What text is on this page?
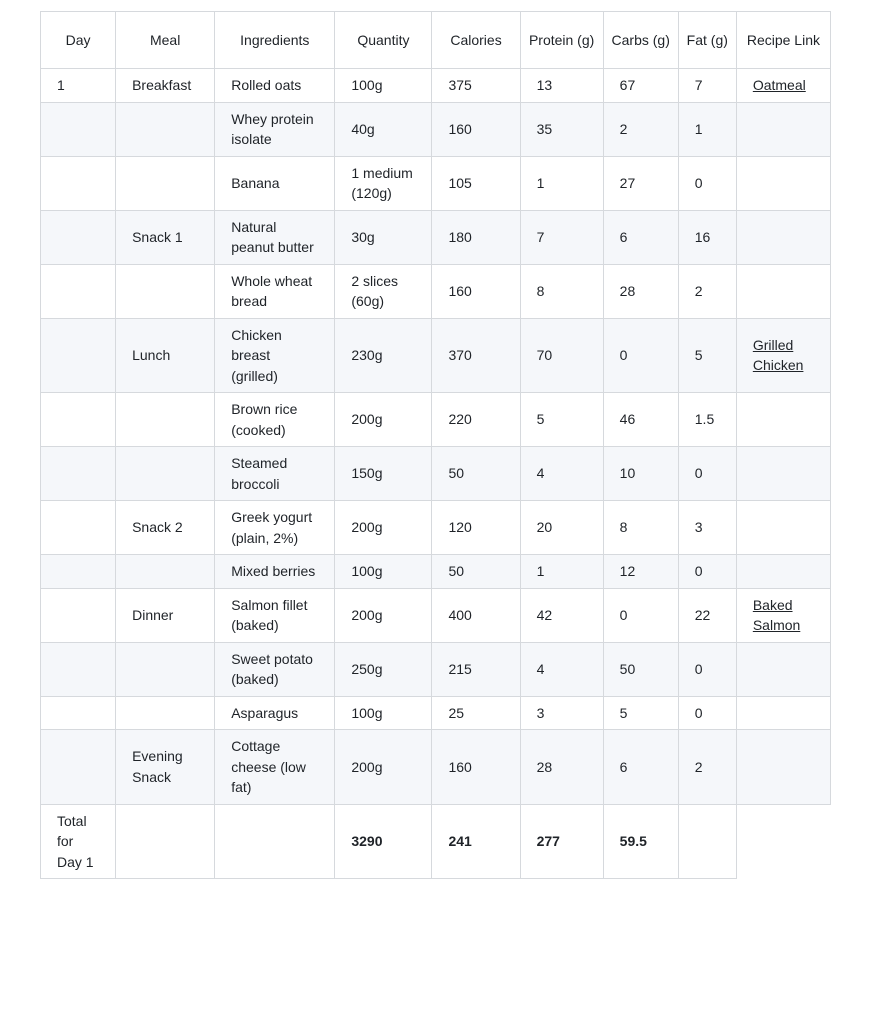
Day	Meal	Ingredients	Quantity	Calories	Protein (g)	Carbs (g)	Fat (g)	Recipe Link
1	Breakfast	Rolled oats	100g	375	13	67	7	Oatmeal
		Whey protein isolate	40g	160	35	2	1	
		Banana	1 medium (120g)	105	1	27	0	
	Snack 1	Natural peanut butter	30g	180	7	6	16	
		Whole wheat bread	2 slices (60g)	160	8	28	2	
	Lunch	Chicken breast (grilled)	230g	370	70	0	5	Grilled Chicken
		Brown rice (cooked)	200g	220	5	46	1.5	
		Steamed broccoli	150g	50	4	10	0	
	Snack 2	Greek yogurt (plain, 2%)	200g	120	20	8	3	
		Mixed berries	100g	50	1	12	0	
	Dinner	Salmon fillet (baked)	200g	400	42	0	22	Baked Salmon
		Sweet potato (baked)	250g	215	4	50	0	
		Asparagus	100g	25	3	5	0	
	Evening Snack	Cottage cheese (low fat)	200g	160	28	6	2	
Total for Day 1			3290	241	277	59.5		
